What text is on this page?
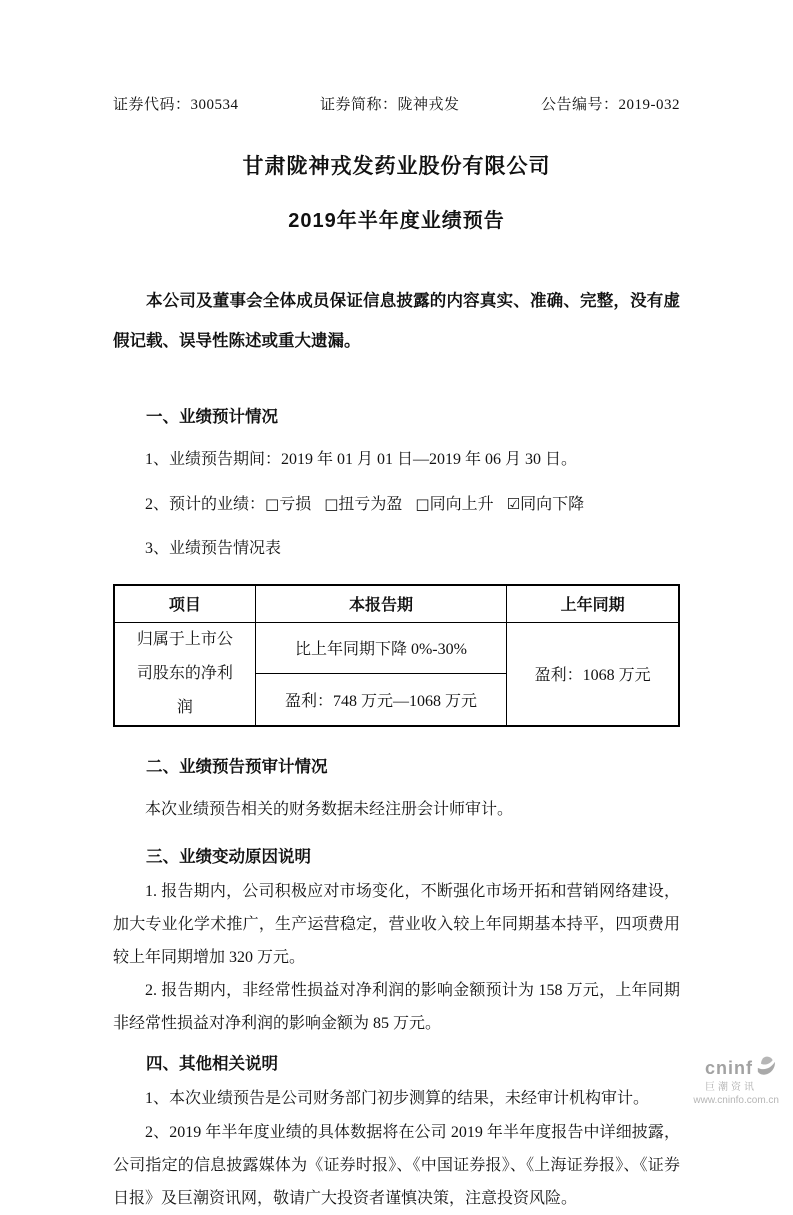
证券代码：300534	证券简称：陇神戎发	公告编号：2019-032
甘肃陇神戎发药业股份有限公司
2019年半年度业绩预告
本公司及董事会全体成员保证信息披露的内容真实、准确、完整，没有虚假记载、误导性陈述或重大遗漏。
一、业绩预计情况
1、业绩预告期间：2019 年 01 月 01 日—2019 年 06 月 30 日。
2、预计的业绩：□亏损 □扭亏为盈 □同向上升 ☑同向下降
3、业绩预告情况表
项目	本报告期	上年同期
归属于上市公司股东的净利润	比上年同期下降 0%-30%	盈利：1068 万元
	盈利：748 万元—1068 万元	
二、业绩预告预审计情况
本次业绩预告相关的财务数据未经注册会计师审计。
三、业绩变动原因说明
1. 报告期内，公司积极应对市场变化，不断强化市场开拓和营销网络建设，加大专业化学术推广，生产运营稳定，营业收入较上年同期基本持平，四项费用较上年同期增加 320 万元。
2. 报告期内，非经常性损益对净利润的影响金额预计为 158 万元，上年同期非经常性损益对净利润的影响金额为 85 万元。
四、其他相关说明
1、本次业绩预告是公司财务部门初步测算的结果，未经审计机构审计。
2、2019 年半年度业绩的具体数据将在公司 2019 年半年度报告中详细披露，公司指定的信息披露媒体为《证券时报》、《中国证券报》、《上海证券报》、《证券日报》及巨潮资讯网，敬请广大投资者谨慎决策，注意投资风险。
cninf
巨潮资讯
www.cninfo.com.cn
